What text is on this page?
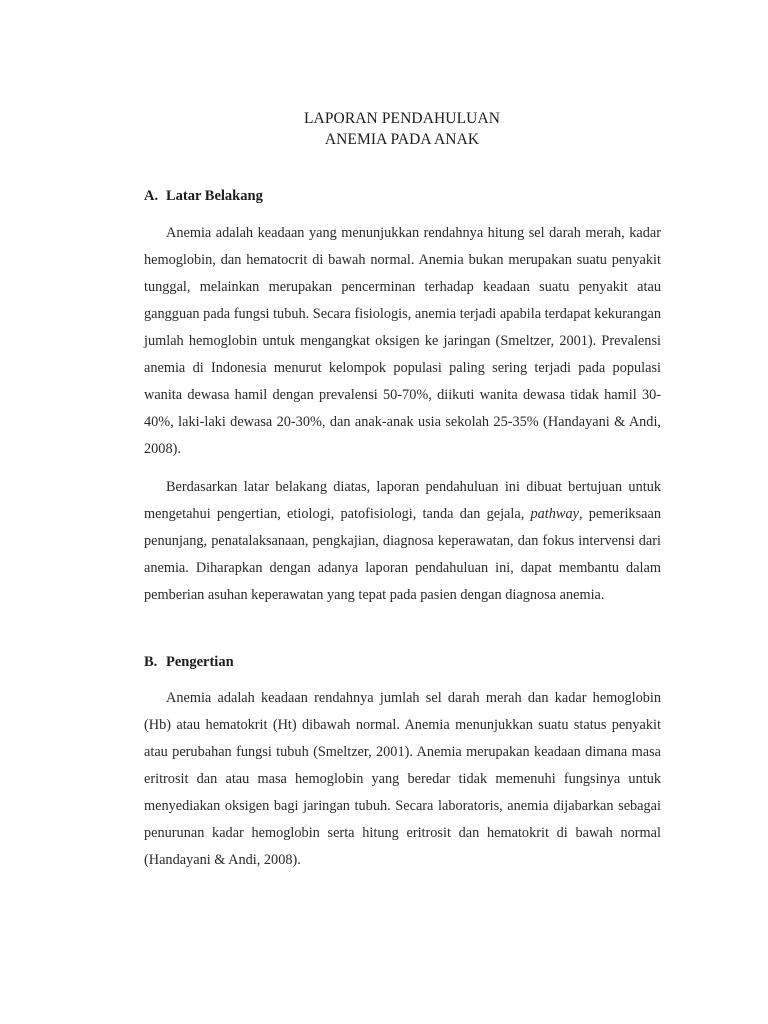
LAPORAN PENDAHULUAN
ANEMIA PADA ANAK
A. Latar Belakang

Anemia adalah keadaan yang menunjukkan rendahnya hitung sel darah merah, kadar hemoglobin, dan hematocrit di bawah normal. Anemia bukan merupakan suatu penyakit tunggal, melainkan merupakan pencerminan terhadap keadaan suatu penyakit atau gangguan pada fungsi tubuh. Secara fisiologis, anemia terjadi apabila terdapat kekurangan jumlah hemoglobin untuk mengangkat oksigen ke jaringan (Smeltzer, 2001). Prevalensi anemia di Indonesia menurut kelompok populasi paling sering terjadi pada populasi wanita dewasa hamil dengan prevalensi 50-70%, diikuti wanita dewasa tidak hamil 30-40%, laki-laki dewasa 20-30%, dan anak-anak usia sekolah 25-35% (Handayani & Andi, 2008).

Berdasarkan latar belakang diatas, laporan pendahuluan ini dibuat bertujuan untuk mengetahui pengertian, etiologi, patofisiologi, tanda dan gejala, pathway, pemeriksaan penunjang, penatalaksanaan, pengkajian, diagnosa keperawatan, dan fokus intervensi dari anemia. Diharapkan dengan adanya laporan pendahuluan ini, dapat membantu dalam pemberian asuhan keperawatan yang tepat pada pasien dengan diagnosa anemia.

B. Pengertian

Anemia adalah keadaan rendahnya jumlah sel darah merah dan kadar hemoglobin (Hb) atau hematokrit (Ht) dibawah normal. Anemia menunjukkan suatu status penyakit atau perubahan fungsi tubuh (Smeltzer, 2001). Anemia merupakan keadaan dimana masa eritrosit dan atau masa hemoglobin yang beredar tidak memenuhi fungsinya untuk menyediakan oksigen bagi jaringan tubuh. Secara laboratoris, anemia dijabarkan sebagai penurunan kadar hemoglobin serta hitung eritrosit dan hematokrit di bawah normal (Handayani & Andi, 2008).
